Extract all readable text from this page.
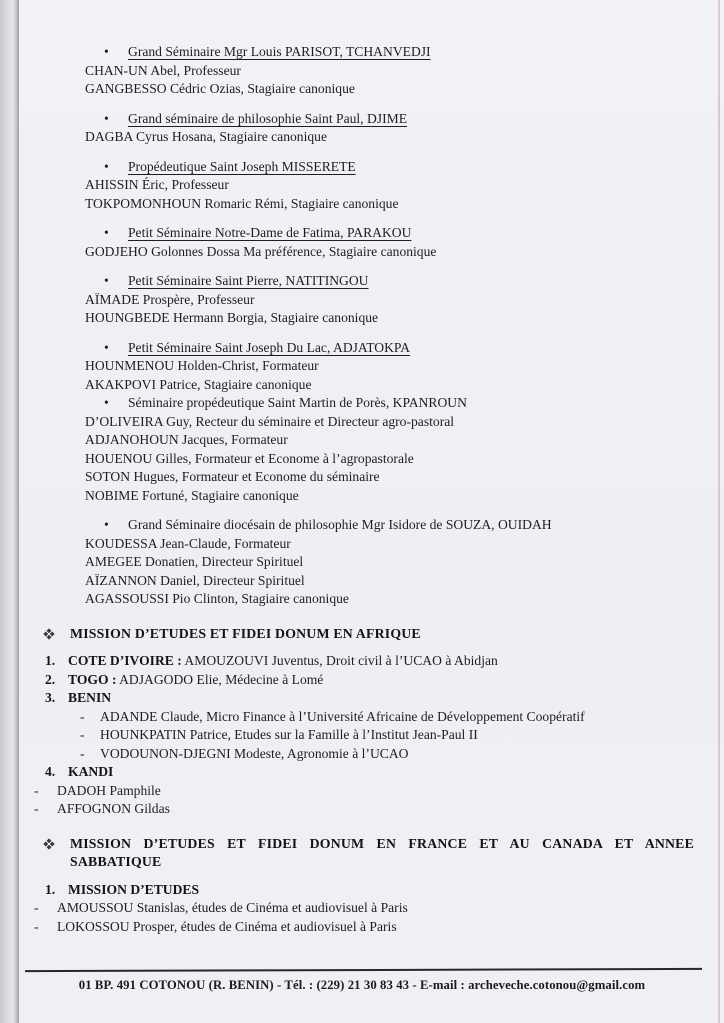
• Grand Séminaire Mgr Louis PARISOT, TCHANVEDJI
CHAN-UN Abel, Professeur
GANGBESSO Cédric Ozias, Stagiaire canonique
• Grand séminaire de philosophie Saint Paul, DJIME
DAGBA Cyrus Hosana, Stagiaire canonique
• Propédeutique Saint Joseph MISSERETE
AHISSIN Éric, Professeur
TOKPOMONHOUN Romaric Rémi, Stagiaire canonique
• Petit Séminaire Notre-Dame de Fatima, PARAKOU
GODJEHO Golonnes Dossa Ma préférence, Stagiaire canonique
• Petit Séminaire Saint Pierre, NATITINGOU
AÏMADE Prospère, Professeur
HOUNGBEDE Hermann Borgia, Stagiaire canonique
• Petit Séminaire Saint Joseph Du Lac, ADJATOKPA
HOUNMENOU Holden-Christ, Formateur
AKAKPOVI Patrice, Stagiaire canonique
• Séminaire propédeutique Saint Martin de Porès, KPANROUN
D’OLIVEIRA Guy, Recteur du séminaire et Directeur agro-pastoral
ADJANOHOUN Jacques, Formateur
HOUENOU Gilles, Formateur et Econome à l’agropastorale
SOTON Hugues, Formateur et Econome du séminaire
NOBIME Fortuné, Stagiaire canonique
• Grand Séminaire diocésain de philosophie Mgr Isidore de SOUZA, OUIDAH
KOUDESSA Jean-Claude, Formateur
AMEGEE Donatien, Directeur Spirituel
AÏZANNON Daniel, Directeur Spirituel
AGASSOUSSI Pio Clinton, Stagiaire canonique
MISSION D’ETUDES ET FIDEI DONUM EN AFRIQUE
1. COTE D’IVOIRE : AMOUZOUVI Juventus, Droit civil à l’UCAO à Abidjan
2. TOGO : ADJAGODO Elie, Médecine à Lomé
3. BENIN
- ADANDE Claude, Micro Finance à l’Université Africaine de Développement Coopératif
- HOUNKPATIN Patrice, Etudes sur la Famille à l’Institut Jean-Paul II
- VODOUNON-DJEGNI Modeste, Agronomie à l’UCAO
4. KANDI
- DADOH Pamphile
- AFFOGNON Gildas
MISSION D’ETUDES ET FIDEI DONUM EN FRANCE ET AU CANADA ET ANNEE
SABBATIQUE
1. MISSION D’ETUDES
- AMOUSSOU Stanislas, études de Cinéma et audiovisuel à Paris
- LOKOSSOU Prosper, études de Cinéma et audiovisuel à Paris
01 BP. 491 COTONOU (R. BENIN) - Tél. : (229) 21 30 83 43 - E-mail : archeveche.cotonou@gmail.com
